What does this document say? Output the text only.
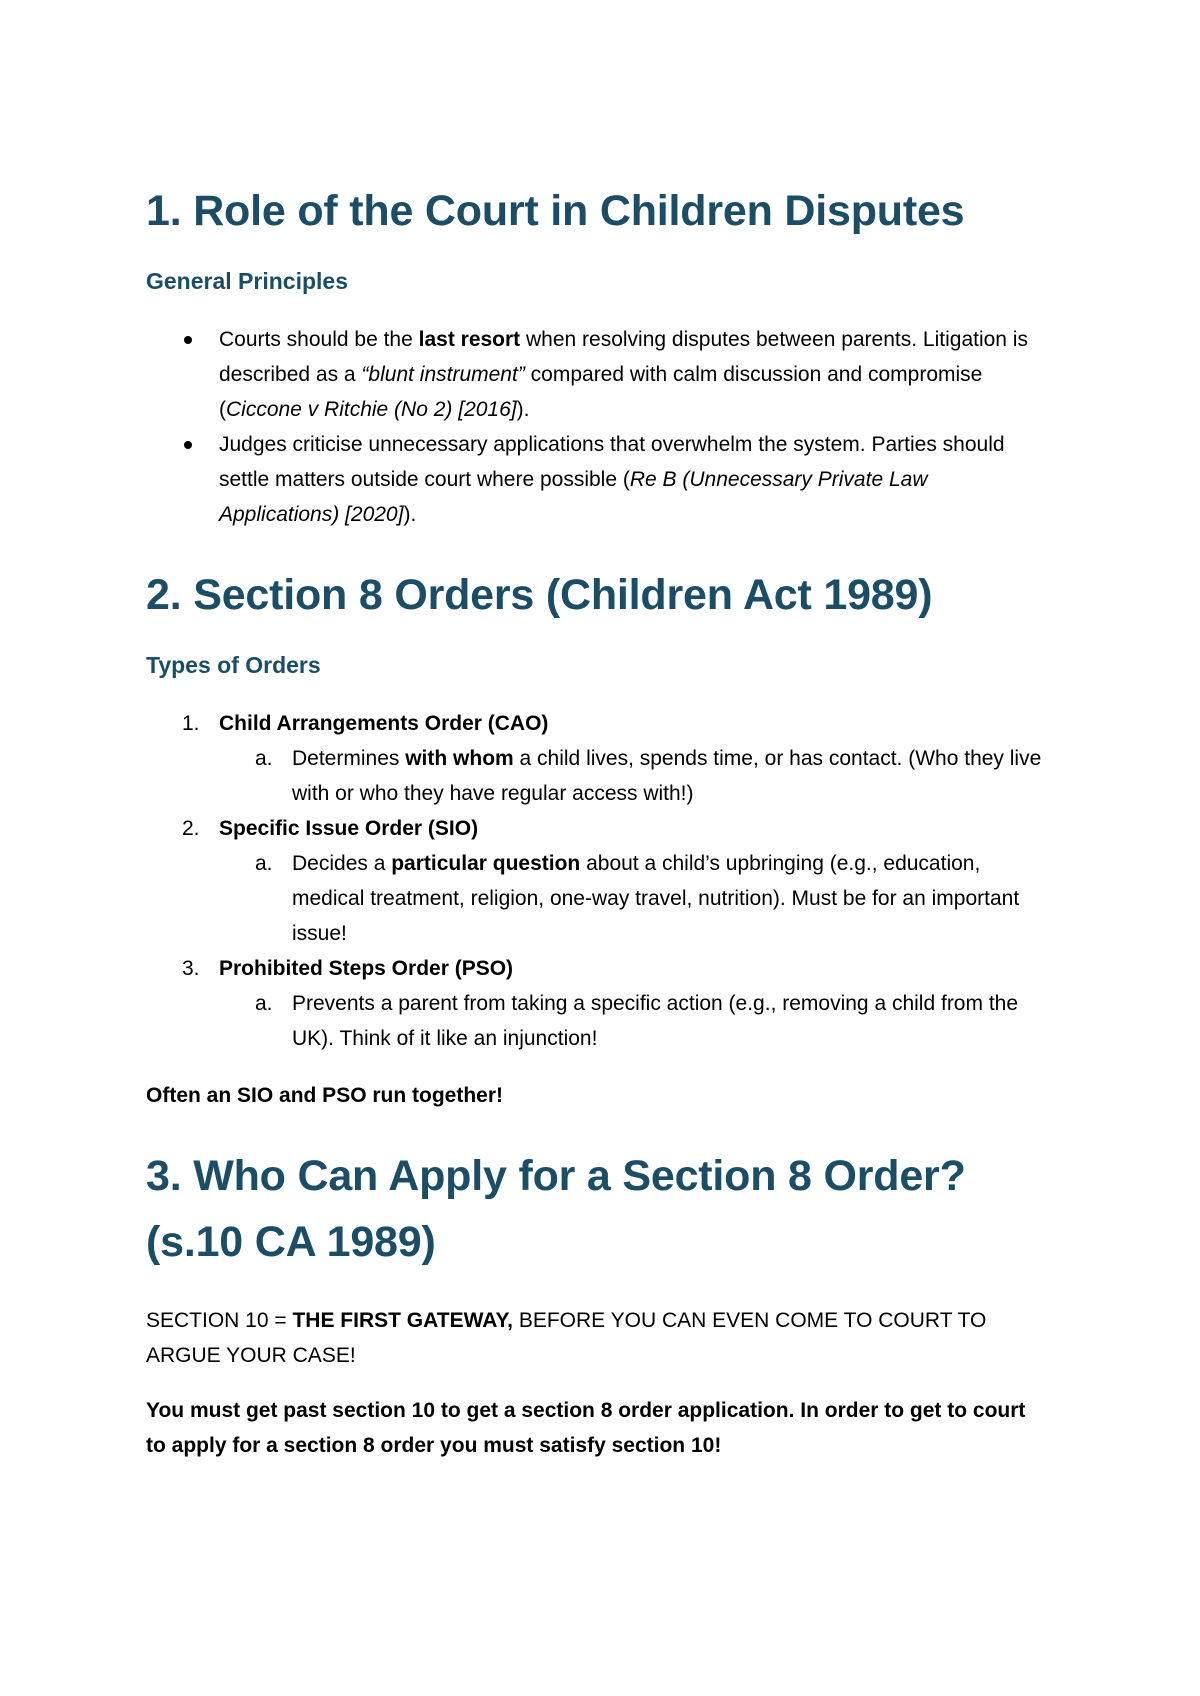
1. Role of the Court in Children Disputes
General Principles
Courts should be the last resort when resolving disputes between parents. Litigation is described as a “blunt instrument” compared with calm discussion and compromise (Ciccone v Ritchie (No 2) [2016]).
Judges criticise unnecessary applications that overwhelm the system. Parties should settle matters outside court where possible (Re B (Unnecessary Private Law Applications) [2020]).
2. Section 8 Orders (Children Act 1989)
Types of Orders
1. Child Arrangements Order (CAO)
a. Determines with whom a child lives, spends time, or has contact. (Who they live with or who they have regular access with!)
2. Specific Issue Order (SIO)
a. Decides a particular question about a child’s upbringing (e.g., education, medical treatment, religion, one-way travel, nutrition). Must be for an important issue!
3. Prohibited Steps Order (PSO)
a. Prevents a parent from taking a specific action (e.g., removing a child from the UK). Think of it like an injunction!

Often an SIO and PSO run together!

3. Who Can Apply for a Section 8 Order? (s.10 CA 1989)

SECTION 10 = THE FIRST GATEWAY, BEFORE YOU CAN EVEN COME TO COURT TO ARGUE YOUR CASE!

You must get past section 10 to get a section 8 order application. In order to get to court to apply for a section 8 order you must satisfy section 10!
